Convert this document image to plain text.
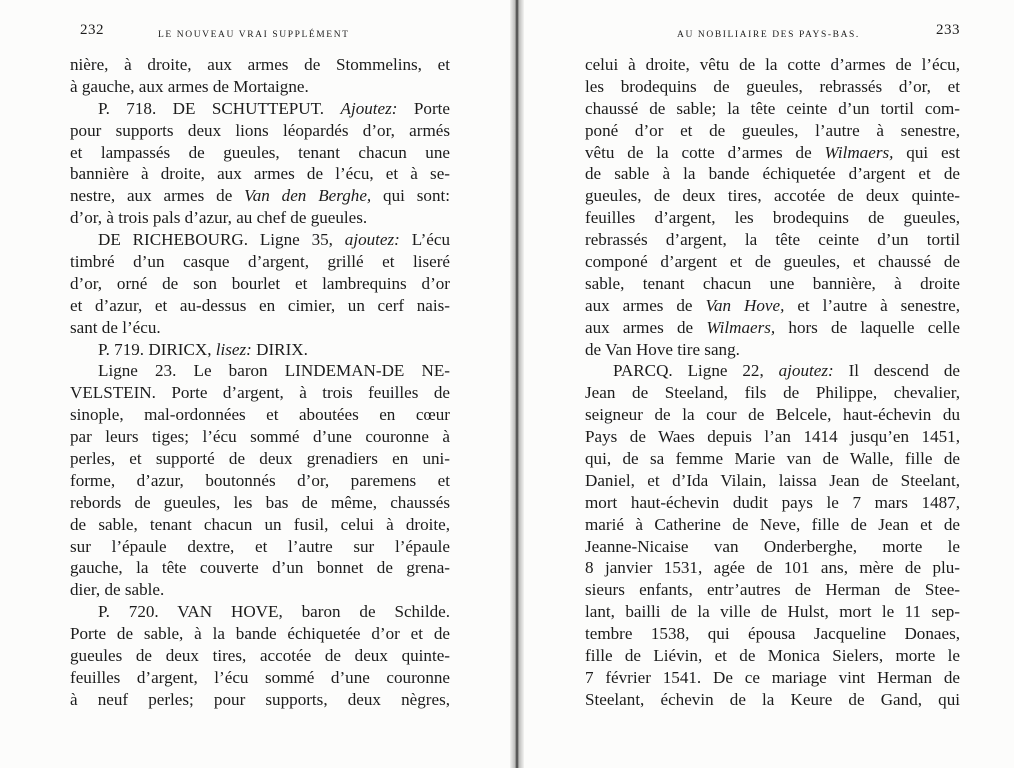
232	LE NOUVEAU VRAI SUPPLÉMENT
nière, à droite, aux armes de Stommelins, et
à gauche, aux armes de Mortaigne.
P. 718. DE SCHUTTEPUT. Ajoutez: Porte
pour supports deux lions léopardés d’or, armés
et lampassés de gueules, tenant chacun une
bannière à droite, aux armes de l’écu, et à se-
nestre, aux armes de Van den Berghe, qui sont:
d’or, à trois pals d’azur, au chef de gueules.
DE RICHEBOURG. Ligne 35, ajoutez: L’écu
timbré d’un casque d’argent, grillé et liseré
d’or, orné de son bourlet et lambrequins d’or
et d’azur, et au-dessus en cimier, un cerf nais-
sant de l’écu.
P. 719. DIRICX, lisez: DIRIX.
Ligne 23. Le baron LINDEMAN-DE NE-
VELSTEIN. Porte d’argent, à trois feuilles de
sinople, mal-ordonnées et aboutées en cœur
par leurs tiges; l’écu sommé d’une couronne à
perles, et supporté de deux grenadiers en uni-
forme, d’azur, boutonnés d’or, paremens et
rebords de gueules, les bas de même, chaussés
de sable, tenant chacun un fusil, celui à droite,
sur l’épaule dextre, et l’autre sur l’épaule
gauche, la tête couverte d’un bonnet de grena-
dier, de sable.
P. 720. VAN HOVE, baron de Schilde.
Porte de sable, à la bande échiquetée d’or et de
gueules de deux tires, accotée de deux quinte-
feuilles d’argent, l’écu sommé d’une couronne
à neuf perles; pour supports, deux nègres,
AU NOBILIAIRE DES PAYS-BAS.	233
celui à droite, vêtu de la cotte d’armes de l’écu,
les brodequins de gueules, rebrassés d’or, et
chaussé de sable; la tête ceinte d’un tortil com-
poné d’or et de gueules, l’autre à senestre,
vêtu de la cotte d’armes de Wilmaers, qui est
de sable à la bande échiquetée d’argent et de
gueules, de deux tires, accotée de deux quinte-
feuilles d’argent, les brodequins de gueules,
rebrassés d’argent, la tête ceinte d’un tortil
componé d’argent et de gueules, et chaussé de
sable, tenant chacun une bannière, à droite
aux armes de Van Hove, et l’autre à senestre,
aux armes de Wilmaers, hors de laquelle celle
de Van Hove tire sang.
PARCQ. Ligne 22, ajoutez: Il descend de
Jean de Steeland, fils de Philippe, chevalier,
seigneur de la cour de Belcele, haut-échevin du
Pays de Waes depuis l’an 1414 jusqu’en 1451,
qui, de sa femme Marie van de Walle, fille de
Daniel, et d’Ida Vilain, laissa Jean de Steelant,
mort haut-échevin dudit pays le 7 mars 1487,
marié à Catherine de Neve, fille de Jean et de
Jeanne-Nicaise van Onderberghe, morte le
8 janvier 1531, agée de 101 ans, mère de plu-
sieurs enfants, entr’autres de Herman de Stee-
lant, bailli de la ville de Hulst, mort le 11 sep-
tembre 1538, qui épousa Jacqueline Donaes,
fille de Liévin, et de Monica Sielers, morte le
7 février 1541. De ce mariage vint Herman de
Steelant, échevin de la Keure de Gand, qui
